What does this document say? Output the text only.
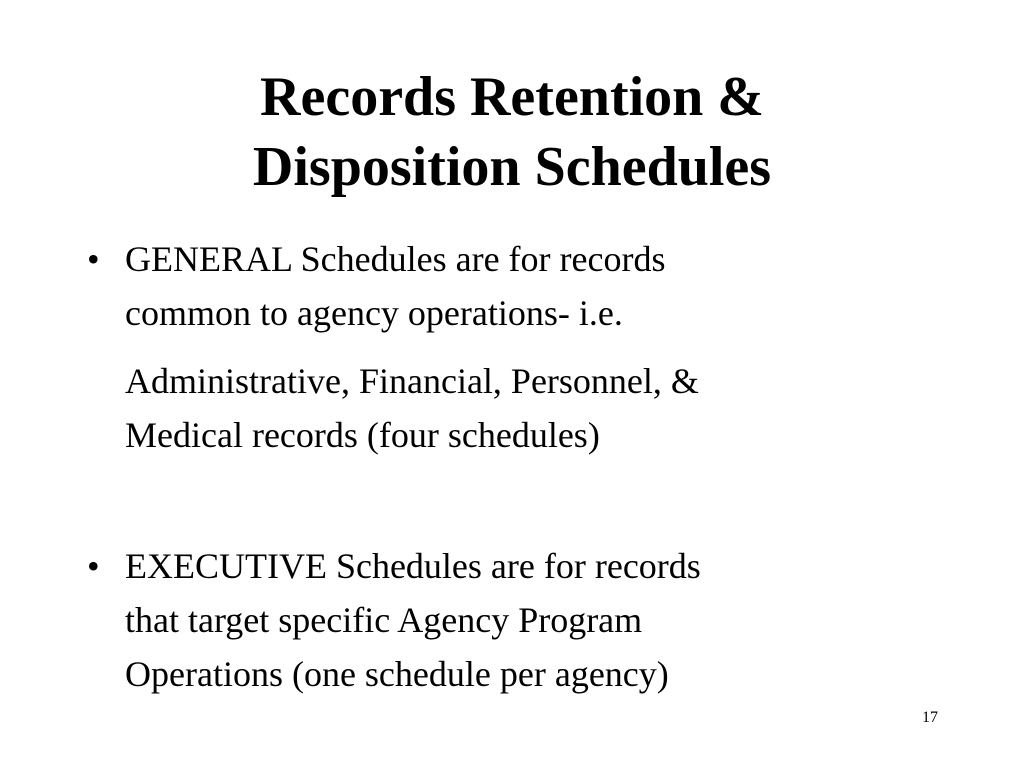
Records Retention &
Disposition Schedules
• GENERAL Schedules are for records
common to agency operations- i.e.
Administrative, Financial, Personnel, &
Medical records (four schedules)
• EXECUTIVE Schedules are for records
that target specific Agency Program
Operations (one schedule per agency)
17
